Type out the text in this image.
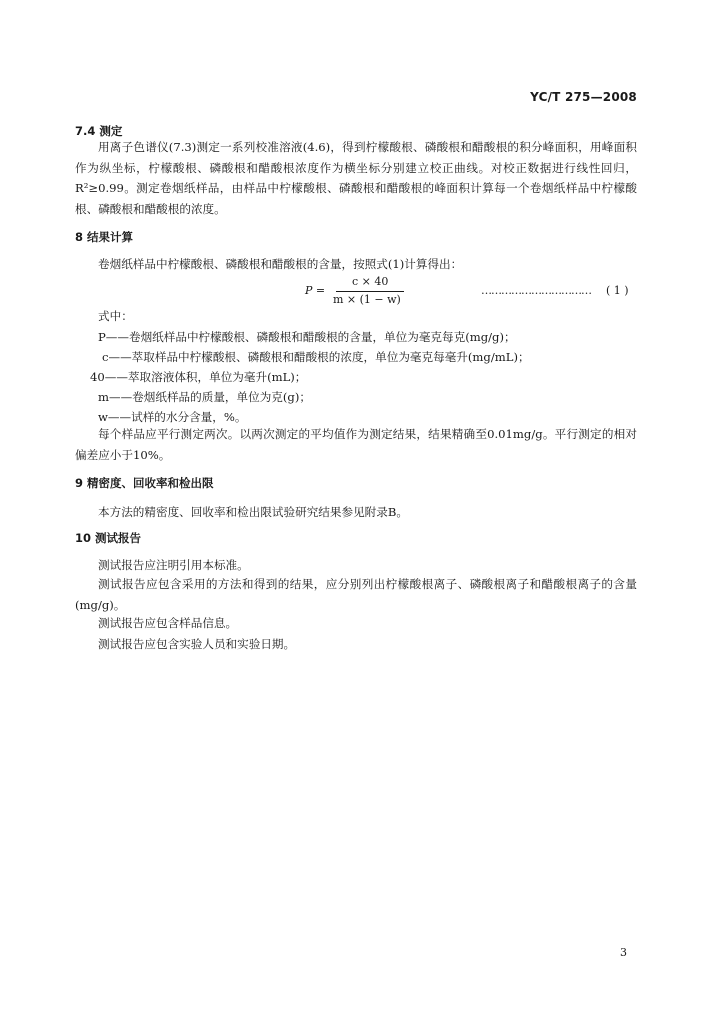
YC/T 275—2008
7.4 测定
用离子色谱仪(7.3)测定一系列校准溶液(4.6)，得到柠檬酸根、磷酸根和醋酸根的积分峰面积，用峰面积作为纵坐标，柠檬酸根、磷酸根和醋酸根浓度作为横坐标分别建立校正曲线。对校正数据进行线性回归，R²≥0.99。测定卷烟纸样品，由样品中柠檬酸根、磷酸根和醋酸根的峰面积计算每一个卷烟纸样品中柠檬酸根、磷酸根和醋酸根的浓度。
8 结果计算
卷烟纸样品中柠檬酸根、磷酸根和醋酸根的含量，按照式(1)计算得出：
P =
c × 40
m × (1 − w)
…………………………… ( 1 )
式中：
P——卷烟纸样品中柠檬酸根、磷酸根和醋酸根的含量，单位为毫克每克(mg/g)；
c——萃取样品中柠檬酸根、磷酸根和醋酸根的浓度，单位为毫克每毫升(mg/mL)；
40——萃取溶液体积，单位为毫升(mL)；
m——卷烟纸样品的质量，单位为克(g)；
w——试样的水分含量，%。
每个样品应平行测定两次。以两次测定的平均值作为测定结果，结果精确至0.01mg/g。平行测定的相对偏差应小于10%。
9 精密度、回收率和检出限
本方法的精密度、回收率和检出限试验研究结果参见附录B。
10 测试报告
测试报告应注明引用本标准。
测试报告应包含采用的方法和得到的结果，应分别列出柠檬酸根离子、磷酸根离子和醋酸根离子的含量(mg/g)。
测试报告应包含样品信息。
测试报告应包含实验人员和实验日期。
3
